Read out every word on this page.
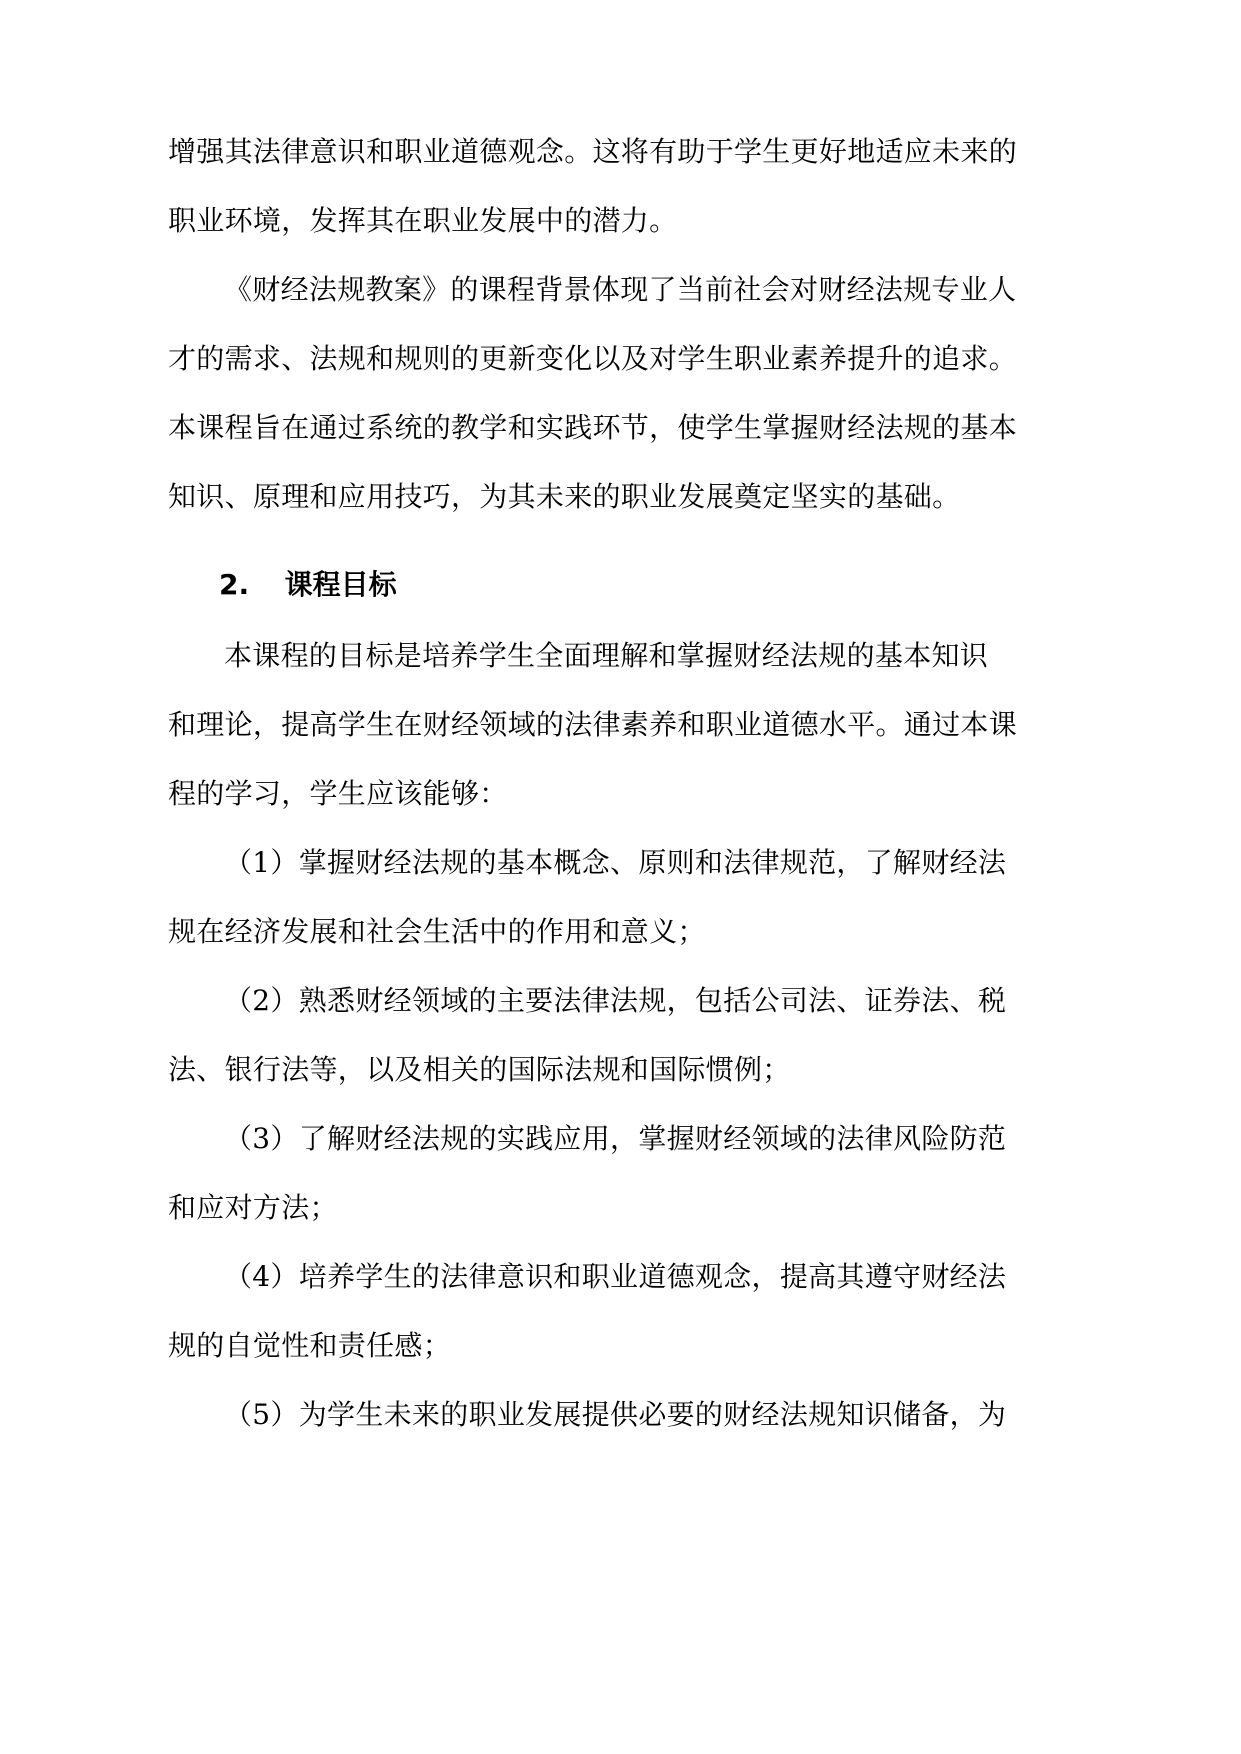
增强其法律意识和职业道德观念。这将有助于学生更好地适应未来的
职业环境，发挥其在职业发展中的潜力。
《财经法规教案》的课程背景体现了当前社会对财经法规专业人
才的需求、法规和规则的更新变化以及对学生职业素养提升的追求。
本课程旨在通过系统的教学和实践环节，使学生掌握财经法规的基本
知识、原理和应用技巧，为其未来的职业发展奠定坚实的基础。
2. 课程目标
本课程的目标是培养学生全面理解和掌握财经法规的基本知识
和理论，提高学生在财经领域的法律素养和职业道德水平。通过本课
程的学习，学生应该能够：
（1）掌握财经法规的基本概念、原则和法律规范，了解财经法
规在经济发展和社会生活中的作用和意义；
（2）熟悉财经领域的主要法律法规，包括公司法、证券法、税
法、银行法等，以及相关的国际法规和国际惯例；
（3）了解财经法规的实践应用，掌握财经领域的法律风险防范
和应对方法；
（4）培养学生的法律意识和职业道德观念，提高其遵守财经法
规的自觉性和责任感；
（5）为学生未来的职业发展提供必要的财经法规知识储备，为
